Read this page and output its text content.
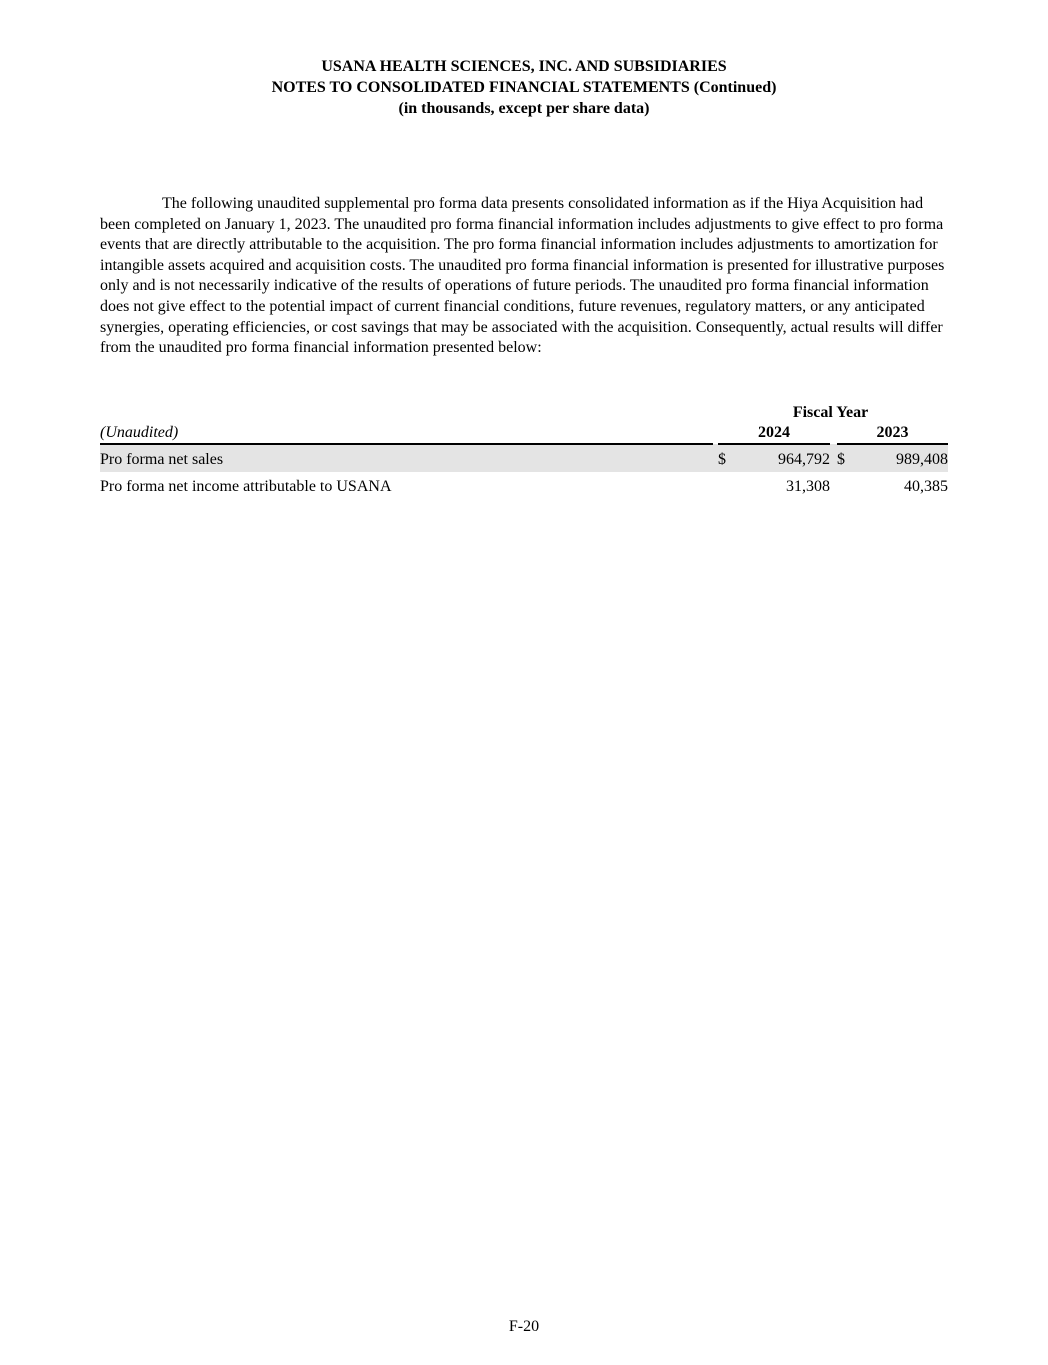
USANA HEALTH SCIENCES, INC. AND SUBSIDIARIES
NOTES TO CONSOLIDATED FINANCIAL STATEMENTS (Continued)
(in thousands, except per share data)
The following unaudited supplemental pro forma data presents consolidated information as if the Hiya Acquisition had been completed on January 1, 2023. The unaudited pro forma financial information includes adjustments to give effect to pro forma events that are directly attributable to the acquisition. The pro forma financial information includes adjustments to amortization for intangible assets acquired and acquisition costs. The unaudited pro forma financial information is presented for illustrative purposes only and is not necessarily indicative of the results of operations of future periods. The unaudited pro forma financial information does not give effect to the potential impact of current financial conditions, future revenues, regulatory matters, or any anticipated synergies, operating efficiencies, or cost savings that may be associated with the acquisition. Consequently, actual results will differ from the unaudited pro forma financial information presented below:
	Fiscal Year					
(Unaudited)		2024			2023	
Pro forma net sales		$	964,792		$	989,408
Pro forma net income attributable to USANA			31,308			40,385
F-20
